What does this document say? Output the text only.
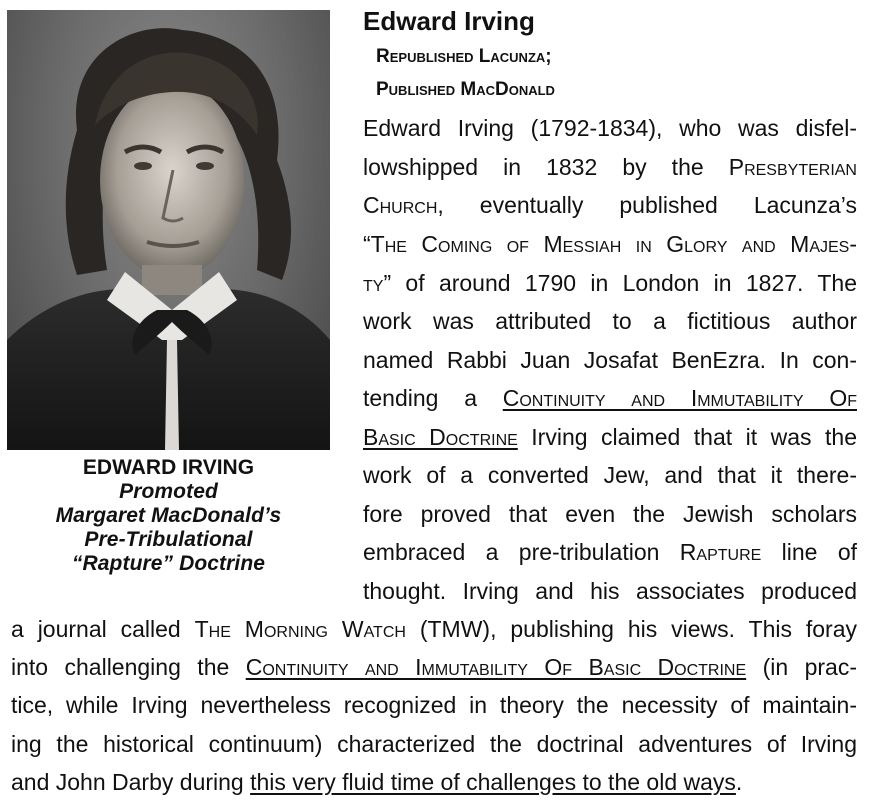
EDWARD IRVING
Promoted
Margaret MacDonald’s
Pre-Tribulational
“Rapture” Doctrine
Edward Irving
Republished Lacunza;
Published MacDonald
Edward Irving (1792-1834), who was disfel-
lowshipped in 1832 by the Presbyterian
Church, eventually published Lacunza’s
“The Coming of Messiah in Glory and Majes-
ty” of around 1790 in London in 1827. The
work was attributed to a fictitious author
named Rabbi Juan Josafat BenEzra. In con-
tending a Continuity and Immutability Of
Basic Doctrine Irving claimed that it was the
work of a converted Jew, and that it there-
fore proved that even the Jewish scholars
embraced a pre-tribulation Rapture line of
thought. Irving and his associates produced
a journal called The Morning Watch (TMW), publishing his views. This foray
into challenging the Continuity and Immutability Of Basic Doctrine (in prac-
tice, while Irving nevertheless recognized in theory the necessity of maintain-
ing the historical continuum) characterized the doctrinal adventures of Irving
and John Darby during this very fluid time of challenges to the old ways.
